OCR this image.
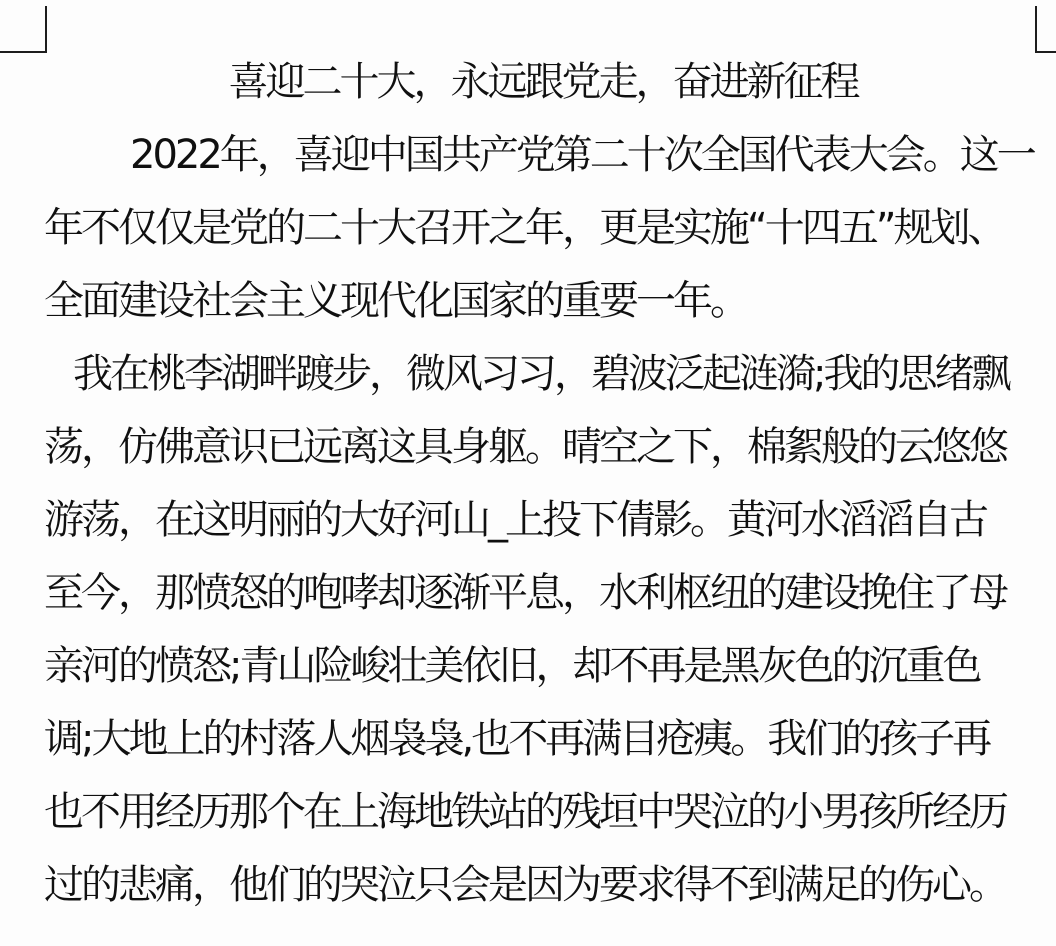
喜迎二十大，永远跟党走，奋进新征程
2022年，喜迎中国共产党第二十次全国代表大会。这一
年不仅仅是党的二十大召开之年，更是实施“十四五”规划、
全面建设社会主义现代化国家的重要一年。
我在桃李湖畔踱步，微风习习，碧波泛起涟漪;我的思绪飘
荡，仿佛意识已远离这具身躯。晴空之下，棉絮般的云悠悠
游荡，在这明丽的大好河山_上投下倩影。黄河水滔滔自古
至今，那愤怒的咆哮却逐渐平息，水利枢纽的建设挽住了母
亲河的愤怒;青山险峻壮美依旧，却不再是黑灰色的沉重色
调;大地上的村落人烟袅袅,也不再满目疮痍。我们的孩子再
也不用经历那个在上海地铁站的残垣中哭泣的小男孩所经历
过的悲痛，他们的哭泣只会是因为要求得不到满足的伤心。
